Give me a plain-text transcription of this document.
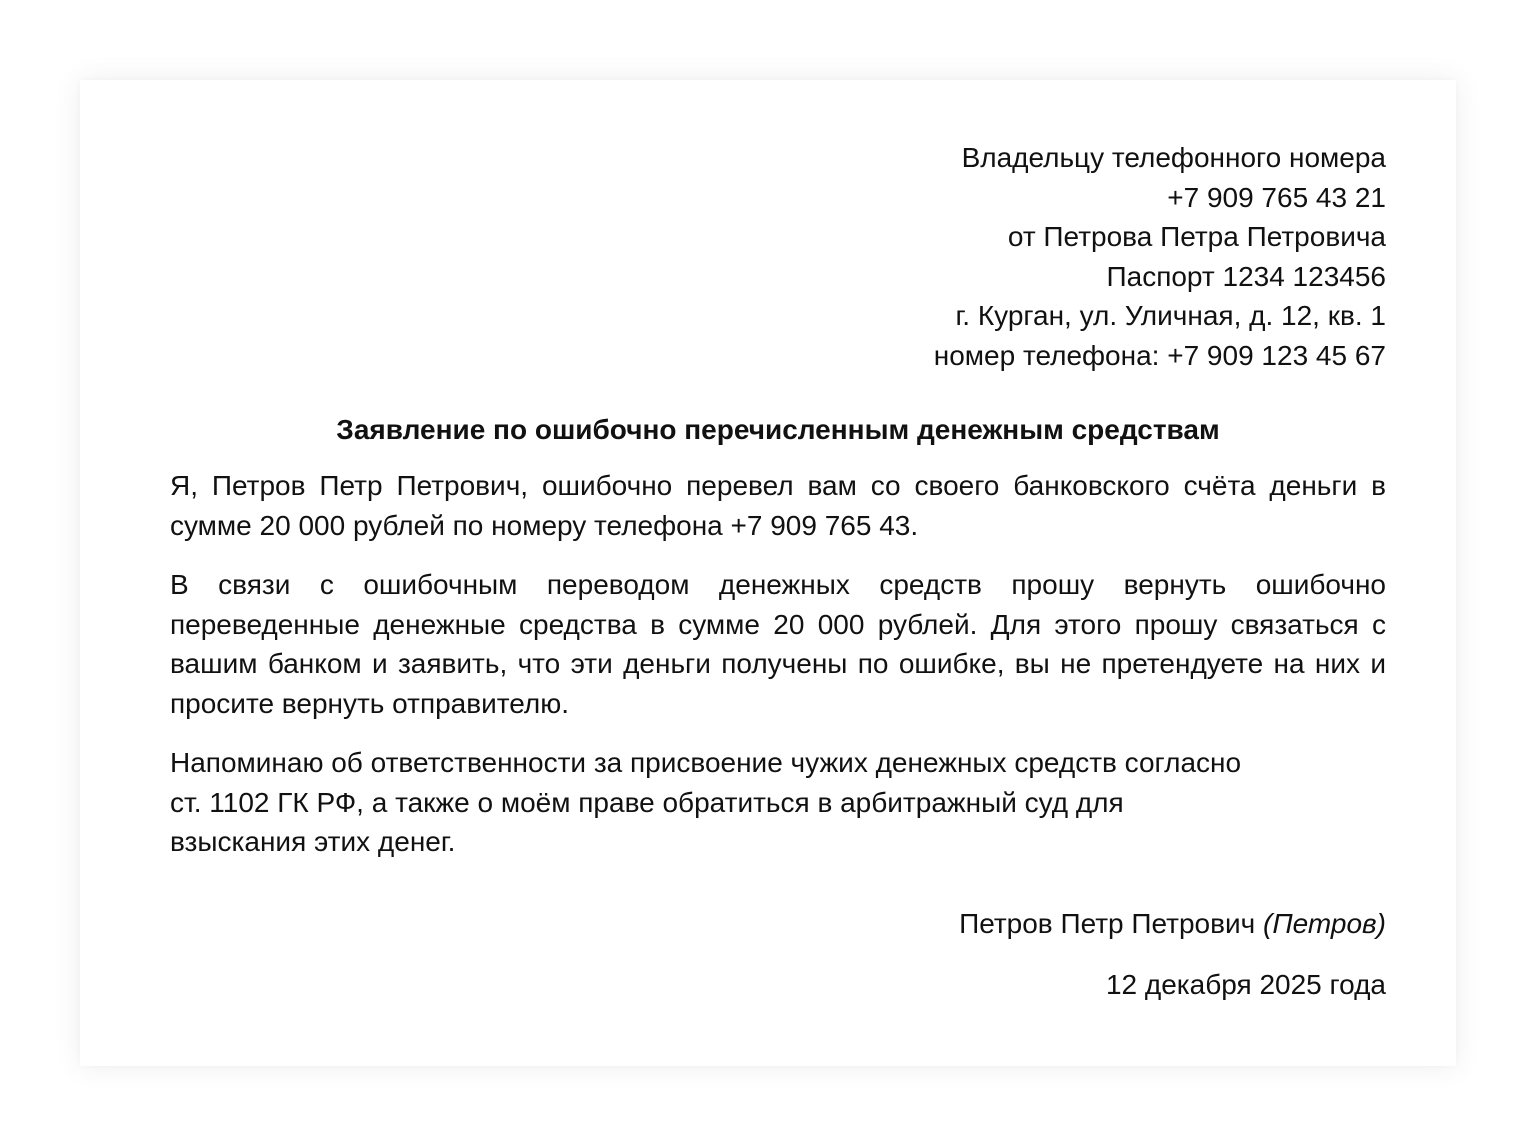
Владельцу телефонного номера
+7 909 765 43 21
от Петрова Петра Петровича
Паспорт 1234 123456
г. Курган, ул. Уличная, д. 12, кв. 1
номер телефона: +7 909 123 45 67
Заявление по ошибочно перечисленным денежным средствам

Я, Петров Петр Петрович, ошибочно перевел вам со своего банковского счёта деньги в сумме 20 000 рублей по номеру телефона +7 909 765 43.

В связи с ошибочным переводом денежных средств прошу вернуть ошибочно переведенные денежные средства в сумме 20 000 рублей. Для этого прошу связаться с вашим банком и заявить, что эти деньги получены по ошибке, вы не претендуете на них и просите вернуть отправителю.

Напоминаю об ответственности за присвоение чужих денежных средств согласно
ст. 1102 ГК РФ, а также о моём праве обратиться в арбитражный суд для
взыскания этих денег.

Петров Петр Петрович (Петров)
12 декабря 2025 года
